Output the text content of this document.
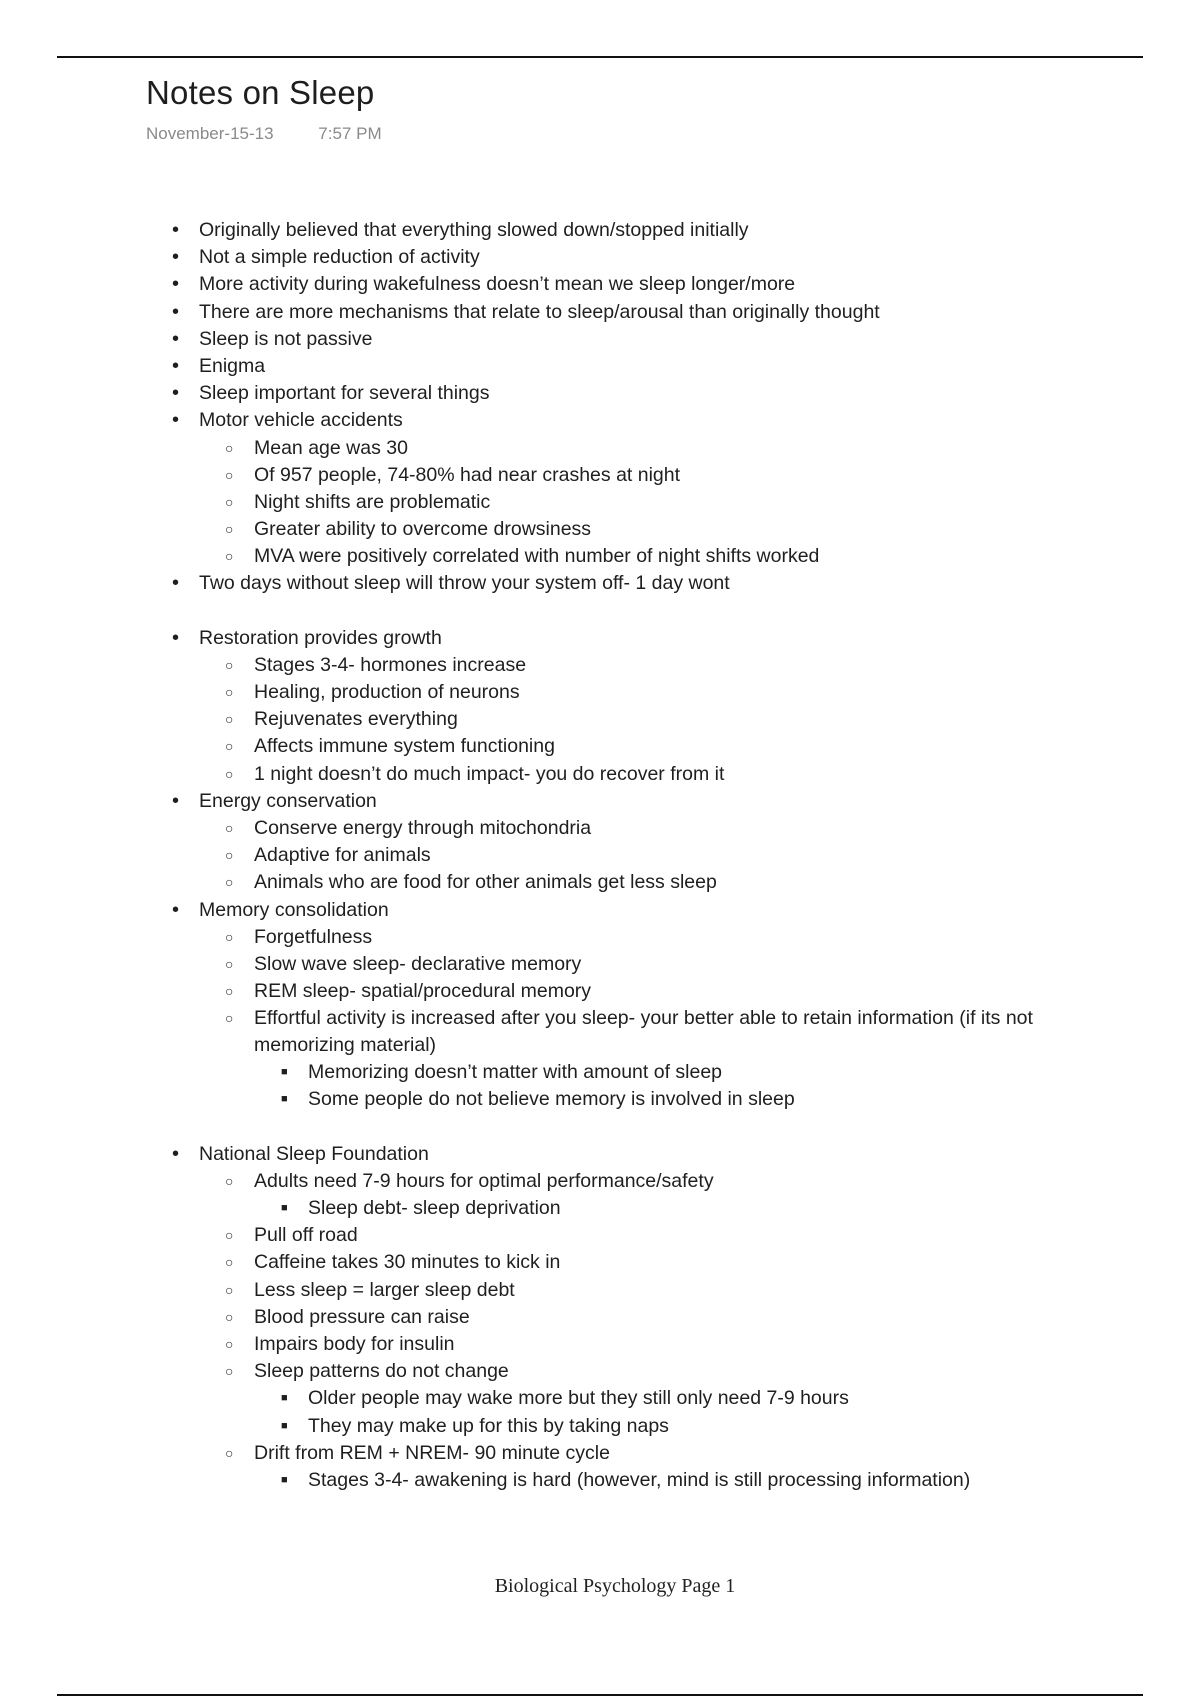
Notes on Sleep
November-15-13	7:57 PM
• Originally believed that everything slowed down/stopped initially
• Not a simple reduction of activity
• More activity during wakefulness doesn’t mean we sleep longer/more
• There are more mechanisms that relate to sleep/arousal than originally thought
• Sleep is not passive
• Enigma
• Sleep important for several things
• Motor vehicle accidents
○ Mean age was 30
○ Of 957 people, 74-80% had near crashes at night
○ Night shifts are problematic
○ Greater ability to overcome drowsiness
○ MVA were positively correlated with number of night shifts worked
• Two days without sleep will throw your system off- 1 day wont
• Restoration provides growth
○ Stages 3-4- hormones increase
○ Healing, production of neurons
○ Rejuvenates everything
○ Affects immune system functioning
○ 1 night doesn’t do much impact- you do recover from it
• Energy conservation
○ Conserve energy through mitochondria
○ Adaptive for animals
○ Animals who are food for other animals get less sleep
• Memory consolidation
○ Forgetfulness
○ Slow wave sleep- declarative memory
○ REM sleep- spatial/procedural memory
○ Effortful activity is increased after you sleep- your better able to retain information (if its not memorizing material)
■ Memorizing doesn’t matter with amount of sleep
■ Some people do not believe memory is involved in sleep
• National Sleep Foundation
○ Adults need 7-9 hours for optimal performance/safety
■ Sleep debt- sleep deprivation
○ Pull off road
○ Caffeine takes 30 minutes to kick in
○ Less sleep = larger sleep debt
○ Blood pressure can raise
○ Impairs body for insulin
○ Sleep patterns do not change
■ Older people may wake more but they still only need 7-9 hours
■ They may make up for this by taking naps
○ Drift from REM + NREM- 90 minute cycle
■ Stages 3-4- awakening is hard (however, mind is still processing information)
Biological Psychology Page 1
